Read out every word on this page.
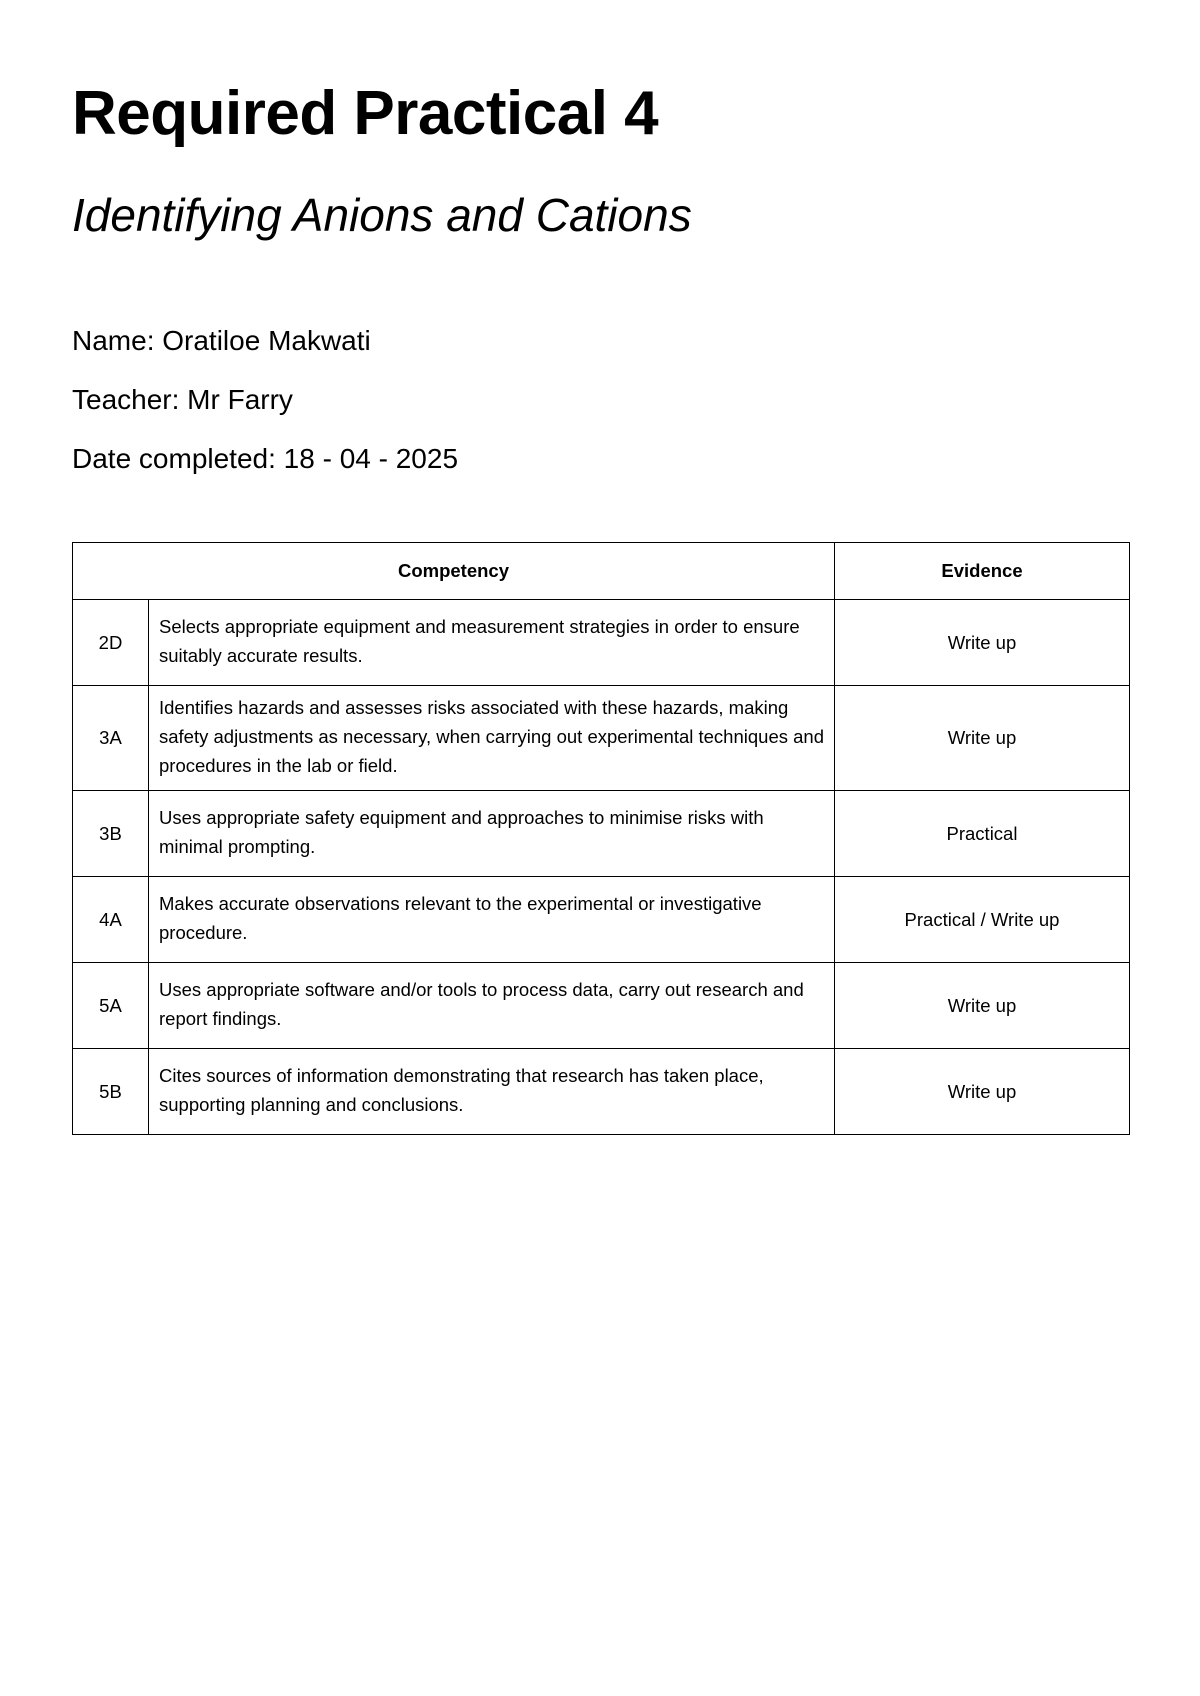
Required Practical 4
Identifying Anions and Cations

Name: Oratiloe Makwati

Teacher: Mr Farry

Date completed: 18 - 04 - 2025

Competency		Evidence
2D	Selects appropriate equipment and measurement strategies in order to ensure suitably accurate results.	Write up
3A	Identifies hazards and assesses risks associated with these hazards, making safety adjustments as necessary, when carrying out experimental techniques and procedures in the lab or field.	Write up
3B	Uses appropriate safety equipment and approaches to minimise risks with minimal prompting.	Practical
4A	Makes accurate observations relevant to the experimental or investigative procedure.	Practical / Write up
5A	Uses appropriate software and/or tools to process data, carry out research and report findings.	Write up
5B	Cites sources of information demonstrating that research has taken place, supporting planning and conclusions.	Write up
